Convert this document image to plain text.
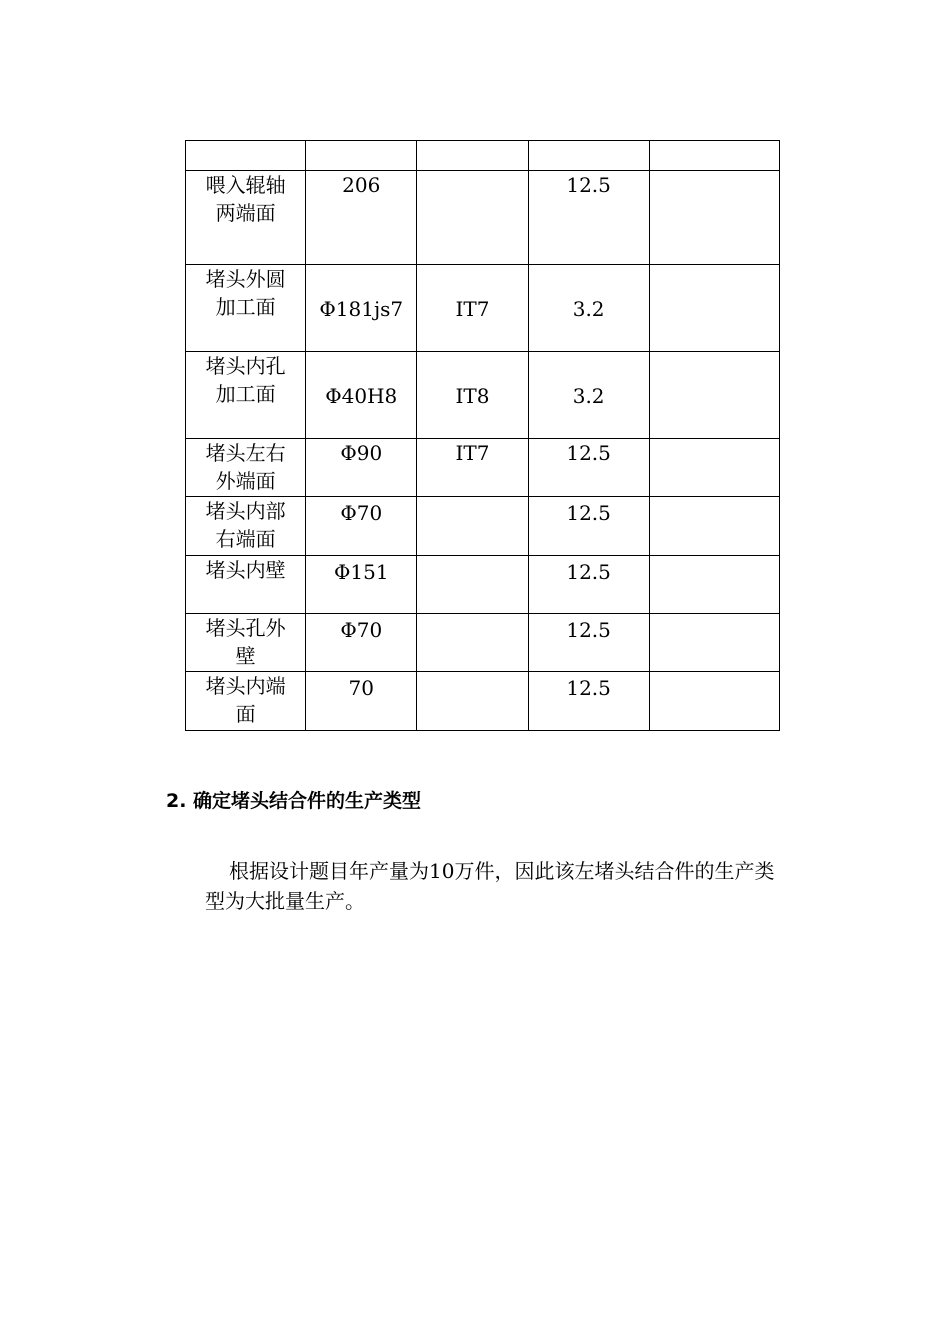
喂入辊轴两端面	206		12.5	

堵头外圆加工面	Φ181js7	IT7	3.2	

堵头内孔加工面	Φ40H8	IT8	3.2	

堵头左右外端面	Φ90	IT7	12.5	

堵头内部右端面	Φ70		12.5	

堵头内壁	Φ151		12.5	

堵头孔外壁	Φ70		12.5	

堵头内端面	70		12.5	
2. 确定堵头结合件的生产类型
根据设计题目年产量为10万件，因此该左堵头结合件的生产类型为大批量生产。
